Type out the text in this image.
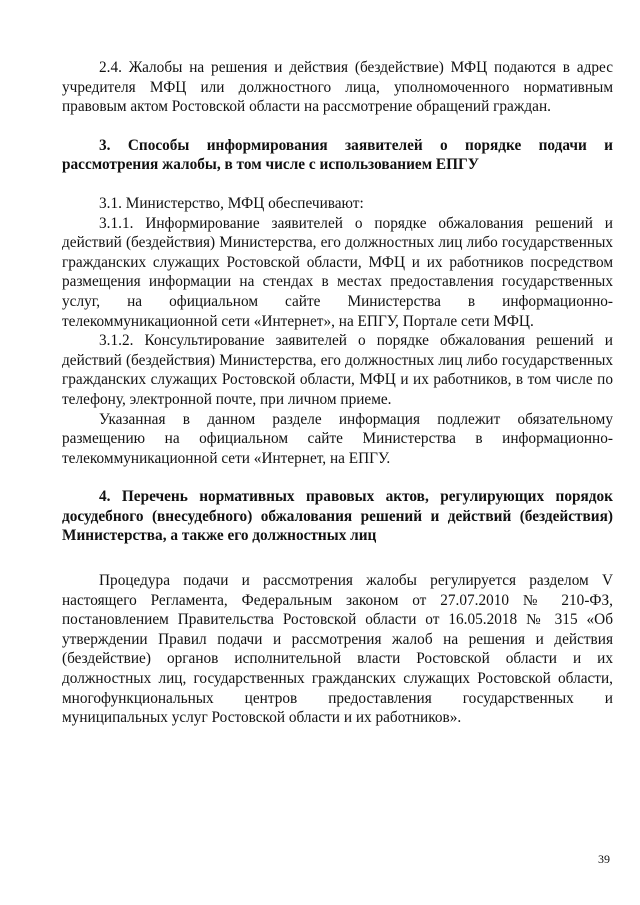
2.4. Жалобы на решения и действия (бездействие) МФЦ подаются в адрес учредителя МФЦ или должностного лица, уполномоченного нормативным правовым актом Ростовской области на рассмотрение обращений граждан.

3. Способы информирования заявителей о порядке подачи и рассмотрения жалобы, в том числе с использованием ЕПГУ

3.1. Министерство, МФЦ обеспечивают:

3.1.1. Информирование заявителей о порядке обжалования решений и действий (бездействия) Министерства, его должностных лиц либо государственных гражданских служащих Ростовской области, МФЦ и их работников посредством размещения информации на стендах в местах предоставления государственных услуг, на официальном сайте Министерства в информационно-телекоммуникационной сети «Интернет», на ЕПГУ, Портале сети МФЦ.

3.1.2. Консультирование заявителей о порядке обжалования решений и действий (бездействия) Министерства, его должностных лиц либо государственных гражданских служащих Ростовской области, МФЦ и их работников, в том числе по телефону, электронной почте, при личном приеме.

Указанная в данном разделе информация подлежит обязательному размещению на официальном сайте Министерства в информационно-телекоммуникационной сети «Интернет, на ЕПГУ.

4. Перечень нормативных правовых актов, регулирующих порядок досудебного (внесудебного) обжалования решений и действий (бездействия) Министерства, а также его должностных лиц

Процедура подачи и рассмотрения жалобы регулируется разделом V настоящего Регламента, Федеральным законом от 27.07.2010 № 210-ФЗ, постановлением Правительства Ростовской области от 16.05.2018 № 315 «Об утверждении Правил подачи и рассмотрения жалоб на решения и действия (бездействие) органов исполнительной власти Ростовской области и их должностных лиц, государственных гражданских служащих Ростовской области, многофункциональных центров предоставления государственных и муниципальных услуг Ростовской области и их работников».

39
